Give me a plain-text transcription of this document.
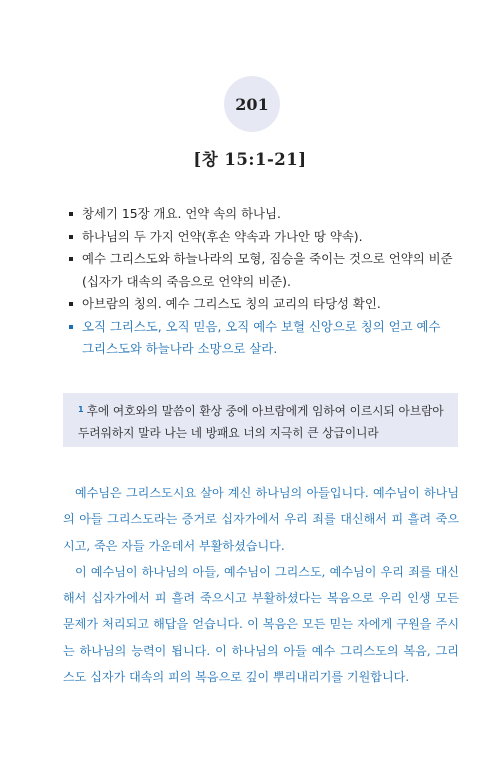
201
[창 15:1-21]
창세기 15장 개요. 언약 속의 하나님.
하나님의 두 가지 언약(후손 약속과 가나안 땅 약속).
예수 그리스도와 하늘나라의 모형, 짐승을 죽이는 것으로 언약의 비준(십자가 대속의 죽음으로 언약의 비준).
아브람의 칭의. 예수 그리스도 칭의 교리의 타당성 확인.
오직 그리스도, 오직 믿음, 오직 예수 보혈 신앙으로 칭의 얻고 예수 그리스도와 하늘나라 소망으로 살라.
$^1$ 후에 여호와의 말씀이 환상 중에 아브람에게 임하여 이르시되 아브람아 두려워하지 말라 나는 네 방패요 너의 지극히 큰 상급이니라

예수님은 그리스도시요 살아 계신 하나님의 아들입니다. 예수님이 하나님의 아들 그리스도라는 증거로 십자가에서 우리 죄를 대신해서 피 흘려 죽으시고, 죽은 자들 가운데서 부활하셨습니다.

이 예수님이 하나님의 아들, 예수님이 그리스도, 예수님이 우리 죄를 대신해서 십자가에서 피 흘려 죽으시고 부활하셨다는 복음으로 우리 인생 모든 문제가 처리되고 해답을 얻습니다. 이 복음은 모든 믿는 자에게 구원을 주시는 하나님의 능력이 됩니다. 이 하나님의 아들 예수 그리스도의 복음, 그리스도 십자가 대속의 피의 복음으로 깊이 뿌리내리기를 기원합니다.
